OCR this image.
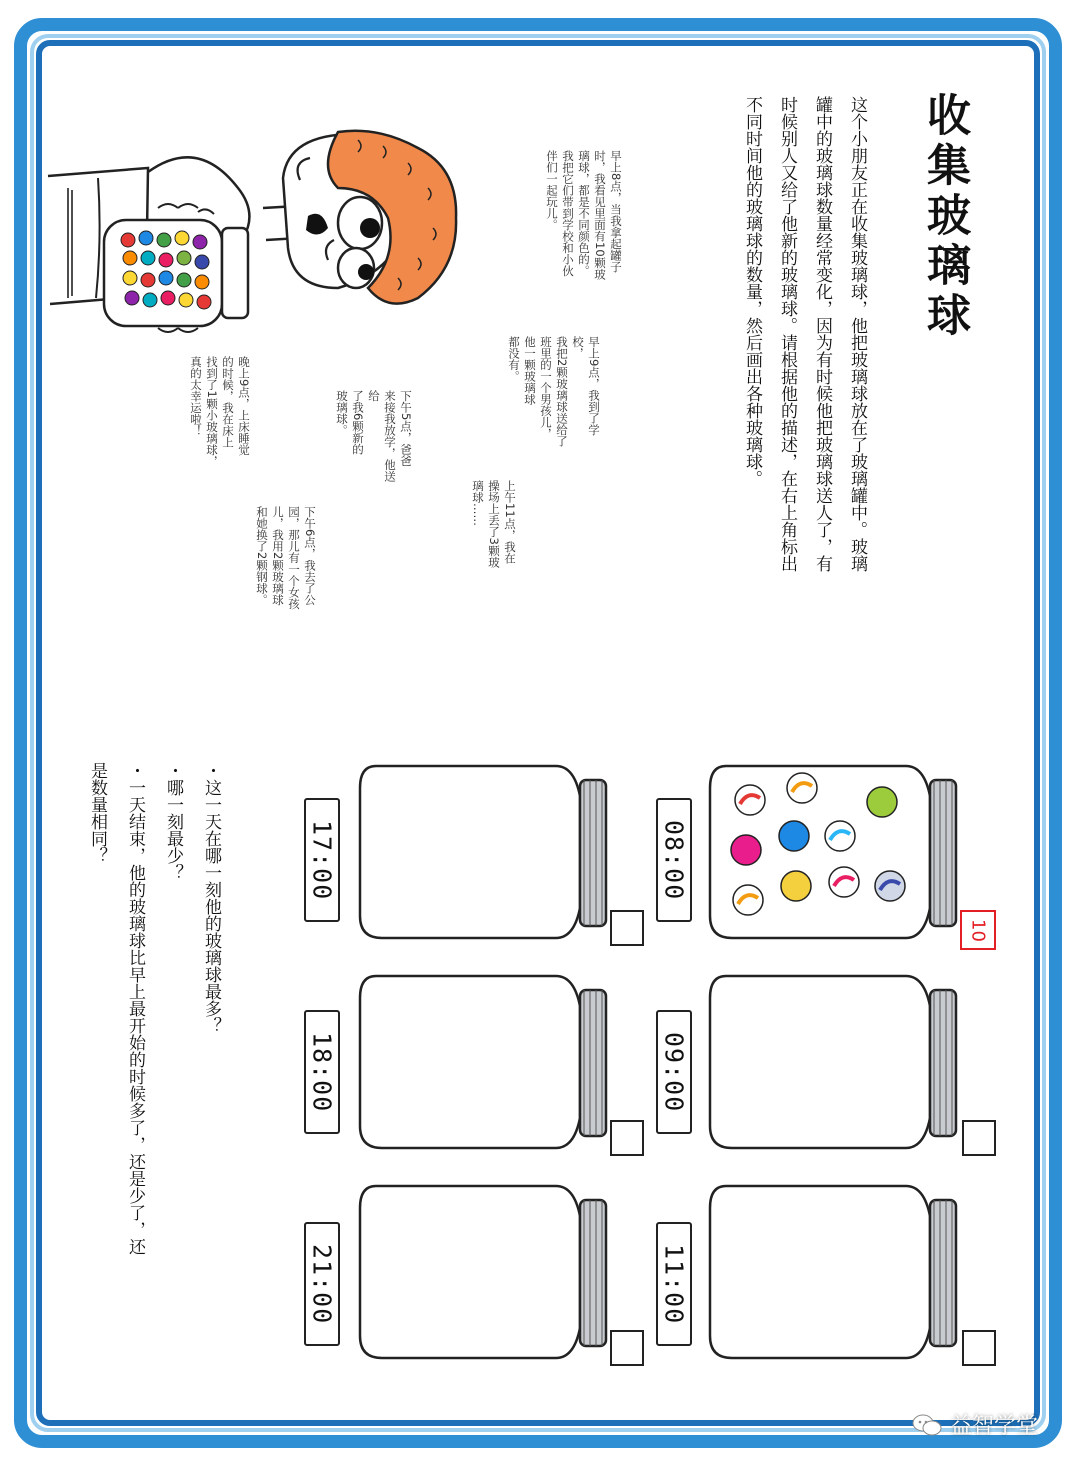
收集玻璃球
这个小朋友正在收集玻璃球，他把玻璃球放在了玻璃罐中。玻璃
罐中的玻璃球数量经常变化，因为有时候他把玻璃球送人了，有
时候别人又给了他新的玻璃球。请根据他的描述，在右上角标出
不同时间他的玻璃球的数量，然后画出各种玻璃球。
早上8点，当我拿起罐子
时，我看见里面有10颗玻
璃球，都是不同颜色的。
我把它们带到学校和小伙
伴们一起玩儿。
早上9点，我到了学校，
我把2颗玻璃球送给了
班里的一个男孩儿，
他一颗玻璃球
都没有。
上午11点，我在
操场上丢了3颗玻
璃球……
下午5点，爸爸
来接我放学，他送给
了我6颗新的
玻璃球。
下午6点，我去了公
园，那儿有一个女孩
儿，我用2颗玻璃球
和她换了2颗钢球。
晚上9点，上床睡觉
的时候，我在床上
找到了1颗小玻璃球，
真的太幸运啦！
08:00
09:00
11:00
17:00
18:00
21:00
10
・这一天在哪一刻他的玻璃球最多？
・哪一刻最少？
・一天结束，他的玻璃球比早上最开始的时候多了，还是少了，还
是数量相同？
益智学堂
